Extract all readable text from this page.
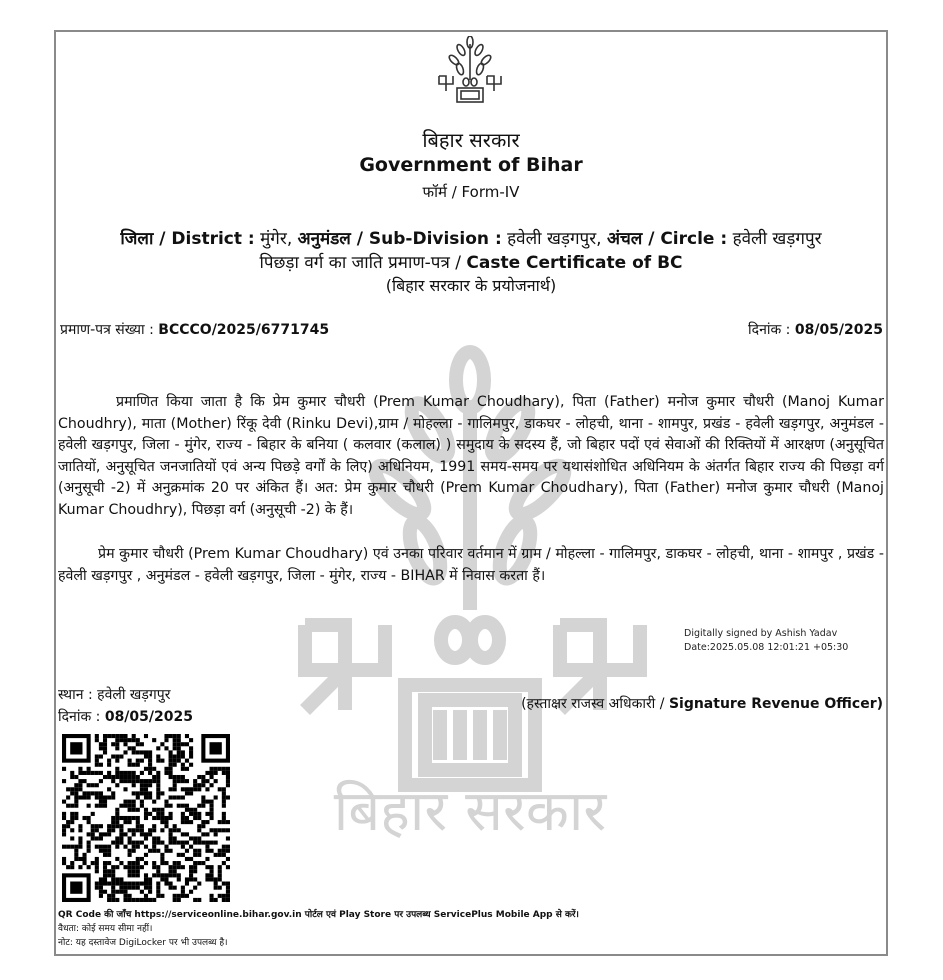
बिहार सरकार
बिहार सरकार
Government of Bihar
फॉर्म / Form-IV
जिला / District : मुंगेर, अनुमंडल / Sub-Division : हवेली खड़गपुर, अंचल / Circle : हवेली खड़गपुर
पिछड़ा वर्ग का जाति प्रमाण-पत्र / Caste Certificate of BC
(बिहार सरकार के प्रयोजनार्थ)
प्रमाण-पत्र संख्या : BCCCO/2025/6771745	दिनांक : 08/05/2025
प्रमाणित किया जाता है कि प्रेम कुमार चौधरी (Prem Kumar Choudhary), पिता (Father) मनोज कुमार चौधरी (Manoj Kumar Choudhry), माता (Mother) रिंकू देवी (Rinku Devi),ग्राम / मोहल्ला - गालिमपुर, डाकघर - लोहची, थाना - शामपुर, प्रखंड - हवेली खड़गपुर, अनुमंडल - हवेली खड़गपुर, जिला - मुंगेर, राज्य - बिहार के बनिया ( कलवार (कलाल) ) समुदाय के सदस्य हैं, जो बिहार पदों एवं सेवाओं की रिक्तियों में आरक्षण (अनुसूचित जातियों, अनुसूचित जनजातियों एवं अन्य पिछड़े वर्गों के लिए) अधिनियम, 1991 समय-समय पर यथासंशोधित अधिनियम के अंतर्गत बिहार राज्य की पिछड़ा वर्ग (अनुसूची -2) में अनुक्रमांक 20 पर अंकित हैं। अत: प्रेम कुमार चौधरी (Prem Kumar Choudhary), पिता (Father) मनोज कुमार चौधरी (Manoj Kumar Choudhry), पिछड़ा वर्ग (अनुसूची -2) के हैं।
प्रेम कुमार चौधरी (Prem Kumar Choudhary) एवं उनका परिवार वर्तमान में ग्राम / मोहल्ला - गालिमपुर, डाकघर - लोहची, थाना - शामपुर , प्रखंड - हवेली खड़गपुर , अनुमंडल - हवेली खड़गपुर, जिला - मुंगेर, राज्य - BIHAR में निवास करता हैं।
Digitally signed by Ashish Yadav
Date:2025.05.08 12:01:21 +05:30
स्थान : हवेली खड़गपुर
दिनांक : 08/05/2025
(हस्ताक्षर राजस्व अधिकारी / Signature Revenue Officer)
QR Code की जाँच https://serviceonline.bihar.gov.in पोर्टल एवं Play Store पर उपलब्ध ServicePlus Mobile App से करें।
वैधता: कोई समय सीमा नहीं।
नोट: यह दस्तावेज DigiLocker पर भी उपलब्ध है।
